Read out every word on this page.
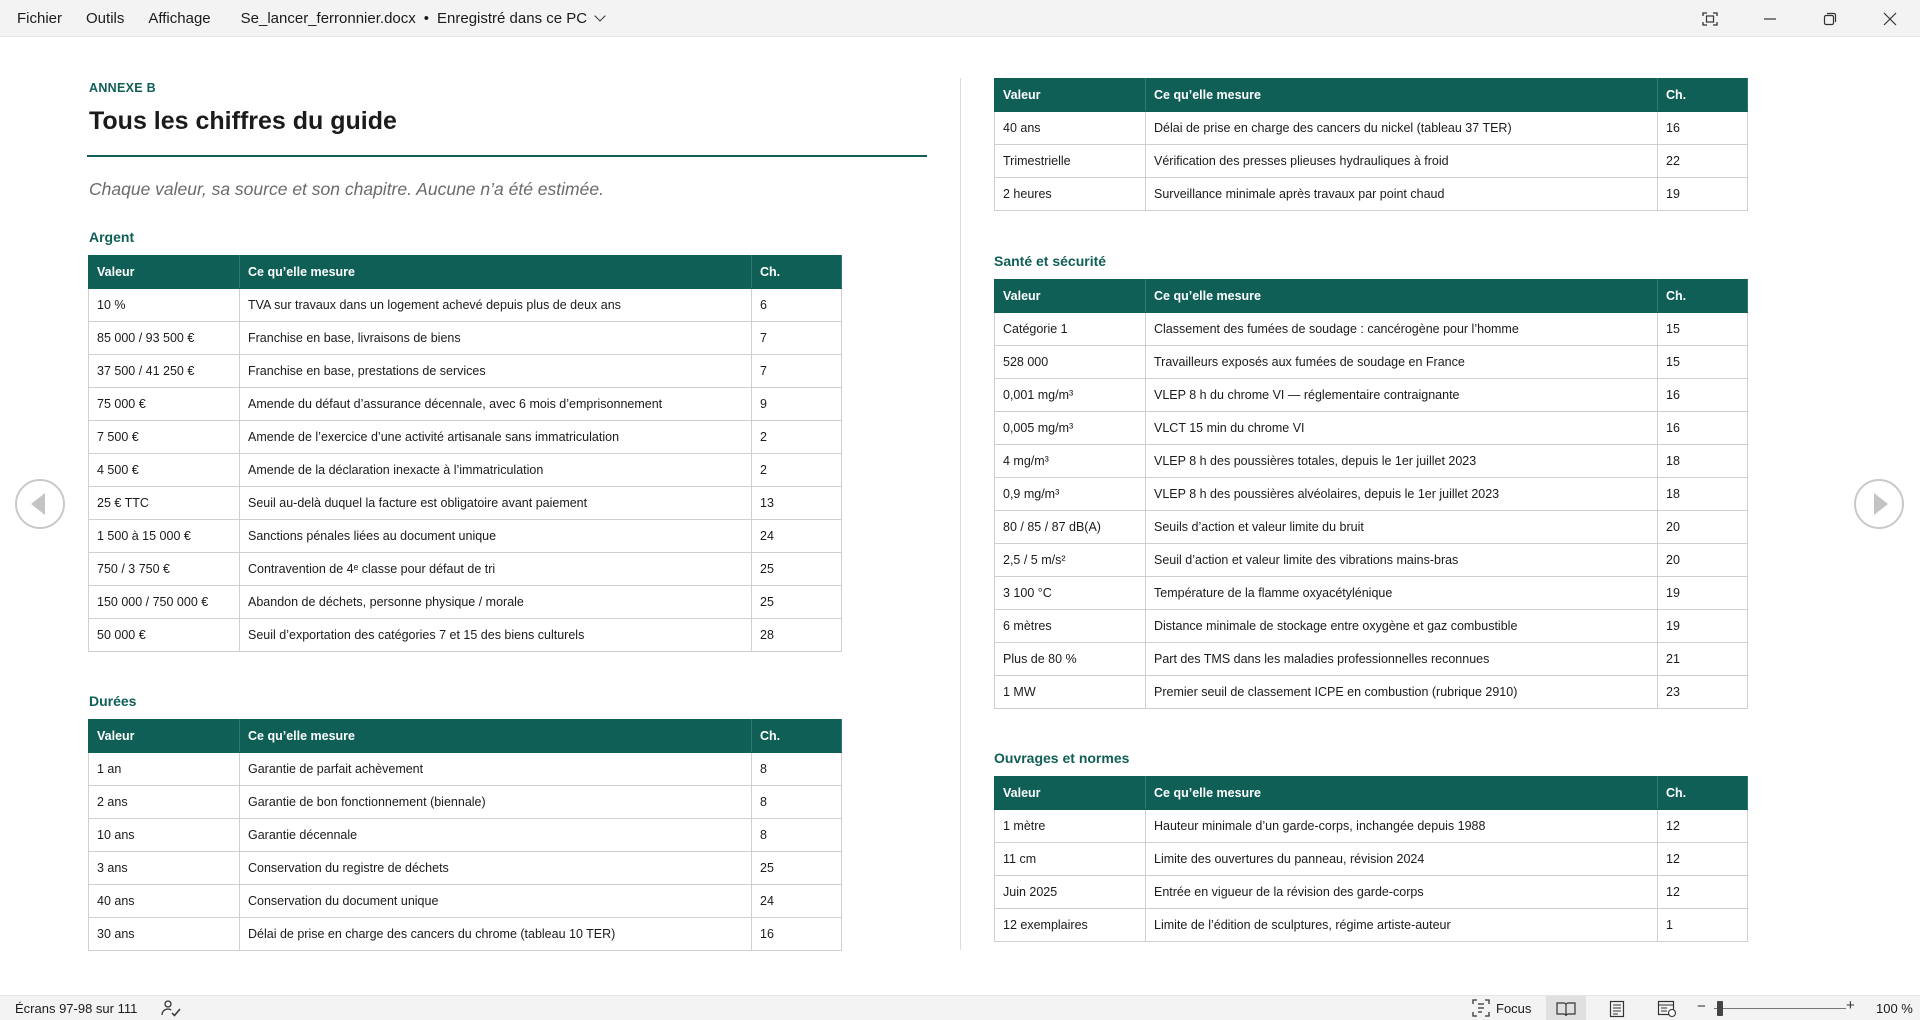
Fichier	Outils	Affichage	Se_lancer_ferronnier.docx • Enregistré dans ce PC
ANNEXE B
Tous les chiffres du guide
Chaque valeur, sa source et son chapitre. Aucune n’a été estimée.
Argent
Valeur	Ce qu’elle mesure	Ch.
10 %	TVA sur travaux dans un logement achevé depuis plus de deux ans	6
85 000 / 93 500 €	Franchise en base, livraisons de biens	7
37 500 / 41 250 €	Franchise en base, prestations de services	7
75 000 €	Amende du défaut d’assurance décennale, avec 6 mois d’emprisonnement	9
7 500 €	Amende de l’exercice d’une activité artisanale sans immatriculation	2
4 500 €	Amende de la déclaration inexacte à l’immatriculation	2
25 € TTC	Seuil au-delà duquel la facture est obligatoire avant paiement	13
1 500 à 15 000 €	Sanctions pénales liées au document unique	24
750 / 3 750 €	Contravention de 4ᵉ classe pour défaut de tri	25
150 000 / 750 000 €	Abandon de déchets, personne physique / morale	25
50 000 €	Seuil d’exportation des catégories 7 et 15 des biens culturels	28
Durées
Valeur	Ce qu’elle mesure	Ch.
1 an	Garantie de parfait achèvement	8
2 ans	Garantie de bon fonctionnement (biennale)	8
10 ans	Garantie décennale	8
3 ans	Conservation du registre de déchets	25
40 ans	Conservation du document unique	24
30 ans	Délai de prise en charge des cancers du chrome (tableau 10 TER)	16
Valeur	Ce qu’elle mesure	Ch.
40 ans	Délai de prise en charge des cancers du nickel (tableau 37 TER)	16
Trimestrielle	Vérification des presses plieuses hydrauliques à froid	22
2 heures	Surveillance minimale après travaux par point chaud	19
Santé et sécurité
Valeur	Ce qu’elle mesure	Ch.
Catégorie 1	Classement des fumées de soudage : cancérogène pour l’homme	15
528 000	Travailleurs exposés aux fumées de soudage en France	15
0,001 mg/m³	VLEP 8 h du chrome VI — réglementaire contraignante	16
0,005 mg/m³	VLCT 15 min du chrome VI	16
4 mg/m³	VLEP 8 h des poussières totales, depuis le 1er juillet 2023	18
0,9 mg/m³	VLEP 8 h des poussières alvéolaires, depuis le 1er juillet 2023	18
80 / 85 / 87 dB(A)	Seuils d’action et valeur limite du bruit	20
2,5 / 5 m/s²	Seuil d’action et valeur limite des vibrations mains-bras	20
3 100 °C	Température de la flamme oxyacétylénique	19
6 mètres	Distance minimale de stockage entre oxygène et gaz combustible	19
Plus de 80 %	Part des TMS dans les maladies professionnelles reconnues	21
1 MW	Premier seuil de classement ICPE en combustion (rubrique 2910)	23
Ouvrages et normes
Valeur	Ce qu’elle mesure	Ch.
1 mètre	Hauteur minimale d’un garde-corps, inchangée depuis 1988	12
11 cm	Limite des ouvertures du panneau, révision 2024	12
Juin 2025	Entrée en vigueur de la révision des garde-corps	12
12 exemplaires	Limite de l’édition de sculptures, régime artiste-auteur	1
Écrans 97-98 sur 111	Focus	−	+ 100 %
